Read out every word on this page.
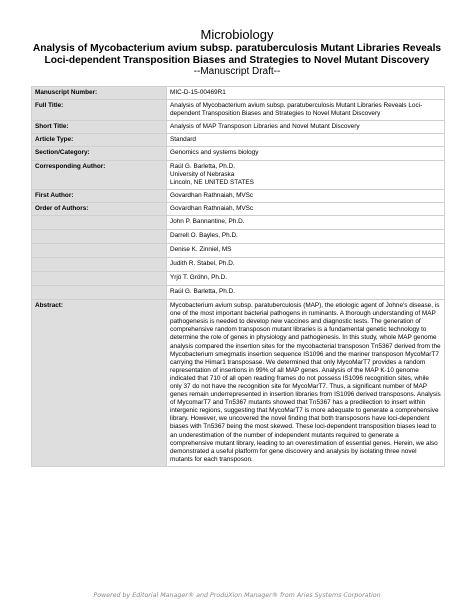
Microbiology
Analysis of Mycobacterium avium subsp. paratuberculosis Mutant Libraries Reveals
Loci-dependent Transposition Biases and Strategies to Novel Mutant Discovery
--Manuscript Draft--
Manuscript Number:	MIC-D-15-00469R1
Full Title:	Analysis of Mycobacterium avium subsp. paratuberculosis Mutant Libraries Reveals Loci-dependent Transposition Biases and Strategies to Novel Mutant Discovery
Short Title:	Analysis of MAP Transposon Libraries and Novel Mutant Discovery
Article Type:	Standard
Section/Category:	Genomics and systems biology
Corresponding Author:	Raúl G. Barletta, Ph.D.
University of Nebraska
Lincoln, NE UNITED STATES

First Author:	Govardhan Rathnaiah, MVSc
Order of Authors:	Govardhan Rathnaiah, MVSc
	John P. Bannantine, Ph.D.
	Darrell O. Bayles, Ph.D.
	Denise K. Zinniel, MS
	Judith R. Stabel, Ph.D.
	Yrjö T. Gröhn, Ph.D.
	Raúl G. Barletta, Ph.D.
Abstract:	Mycobacterium avium subsp. paratuberculosis (MAP), the etiologic agent of Johne's disease, is one of the most important bacterial pathogens in ruminants. A thorough understanding of MAP pathogenesis is needed to develop new vaccines and diagnostic tests. The generation of comprehensive random transposon mutant libraries is a fundamental genetic technology to determine the role of genes in physiology and pathogenesis. In this study, whole MAP genome analysis compared the insertion sites for the mycobacterial transposon Tn5367 derived from the Mycobacterium smegmatis insertion sequence IS1096 and the mariner transposon MycoMarT7 carrying the Himar1 transposase. We determined that only MycoMarT7 provides a random representation of insertions in 99% of all MAP genes. Analysis of the MAP K-10 genome indicated that 710 of all open reading frames do not possess IS1096 recognition sites, while only 37 do not have the recognition site for MycoMarT7. Thus, a significant number of MAP genes remain underrepresented in insertion libraries from IS1096 derived transposons. Analysis of MycomarT7 and Tn5367 mutants showed that Tn5367 has a predilection to insert within intergenic regions, suggesting that MycoMarT7 is more adequate to generate a comprehensive library. However, we uncovered the novel finding that both transposons have loci-dependent biases with Tn5367 being the most skewed. These loci-dependent transposition biases lead to an underestimation of the number of independent mutants required to generate a comprehensive mutant library, leading to an overestimation of essential genes. Herein, we also demonstrated a useful platform for gene discovery and analysis by isolating three novel mutants for each transposon.
Powered by Editorial Manager® and ProduXion Manager® from Aries Systems Corporation
